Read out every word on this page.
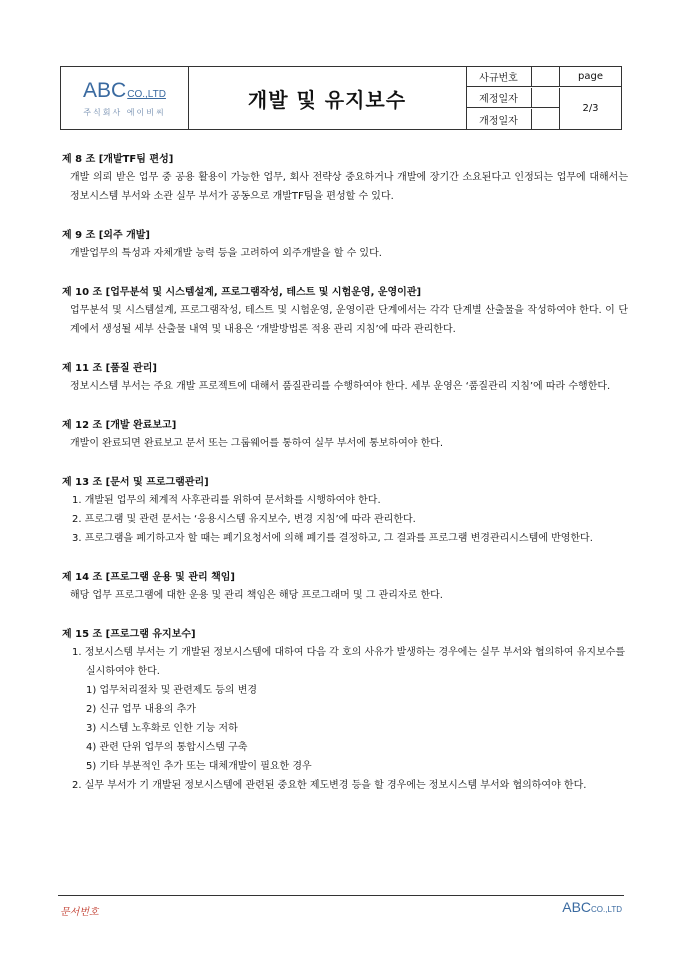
ABCCO.,LTD
주식회사 에이비씨
개발 및 유지보수
사규번호
제정일자
개정일자
page
2/3
제 8 조 [개발TF팀 편성]
개발 의뢰 받은 업무 중 공용 활용이 가능한 업무, 회사 전략상 중요하거나 개발에 장기간 소요된다고 인정되는 업무에 대해서는 정보시스템 부서와 소관 실무 부서가 공동으로 개발TF팀을 편성할 수 있다.
제 9 조 [외주 개발]
개발업무의 특성과 자체개발 능력 등을 고려하여 외주개발을 할 수 있다.
제 10 조 [업무분석 및 시스템설계, 프로그램작성, 테스트 및 시험운영, 운영이관]
업무분석 및 시스템설계, 프로그램작성, 테스트 및 시험운영, 운영이관 단계에서는 각각 단계별 산출물을 작성하여야 한다. 이 단계에서 생성될 세부 산출물 내역 및 내용은 ‘개발방법론 적용 관리 지침’에 따라 관리한다.
제 11 조 [품질 관리]
정보시스템 부서는 주요 개발 프로젝트에 대해서 품질관리를 수행하여야 한다. 세부 운영은 ‘품질관리 지침’에 따라 수행한다.
제 12 조 [개발 완료보고]
개발이 완료되면 완료보고 문서 또는 그룹웨어를 통하여 실무 부서에 통보하여야 한다.
제 13 조 [문서 및 프로그램관리]
1. 개발된 업무의 체계적 사후관리를 위하여 문서화를 시행하여야 한다.
2. 프로그램 및 관련 문서는 ‘응용시스템 유지보수, 변경 지침’에 따라 관리한다.
3. 프로그램을 폐기하고자 할 때는 폐기요청서에 의해 폐기를 결정하고, 그 결과를 프로그램 변경관리시스템에 반영한다.
제 14 조 [프로그램 운용 및 관리 책임]
해당 업무 프로그램에 대한 운용 및 관리 책임은 해당 프로그래머 및 그 관리자로 한다.
제 15 조 [프로그램 유지보수]
1. 정보시스템 부서는 기 개발된 정보시스템에 대하여 다음 각 호의 사유가 발생하는 경우에는 실무 부서와 협의하여 유지보수를 실시하여야 한다.
1) 업무처리절차 및 관련제도 등의 변경
2) 신규 업무 내용의 추가
3) 시스템 노후화로 인한 기능 저하
4) 관련 단위 업무의 통합시스템 구축
5) 기타 부분적인 추가 또는 대체개발이 필요한 경우
2. 실무 부서가 기 개발된 정보시스템에 관련된 중요한 제도변경 등을 할 경우에는 정보시스템 부서와 협의하여야 한다.
문서번호	ABCCO.,LTD
